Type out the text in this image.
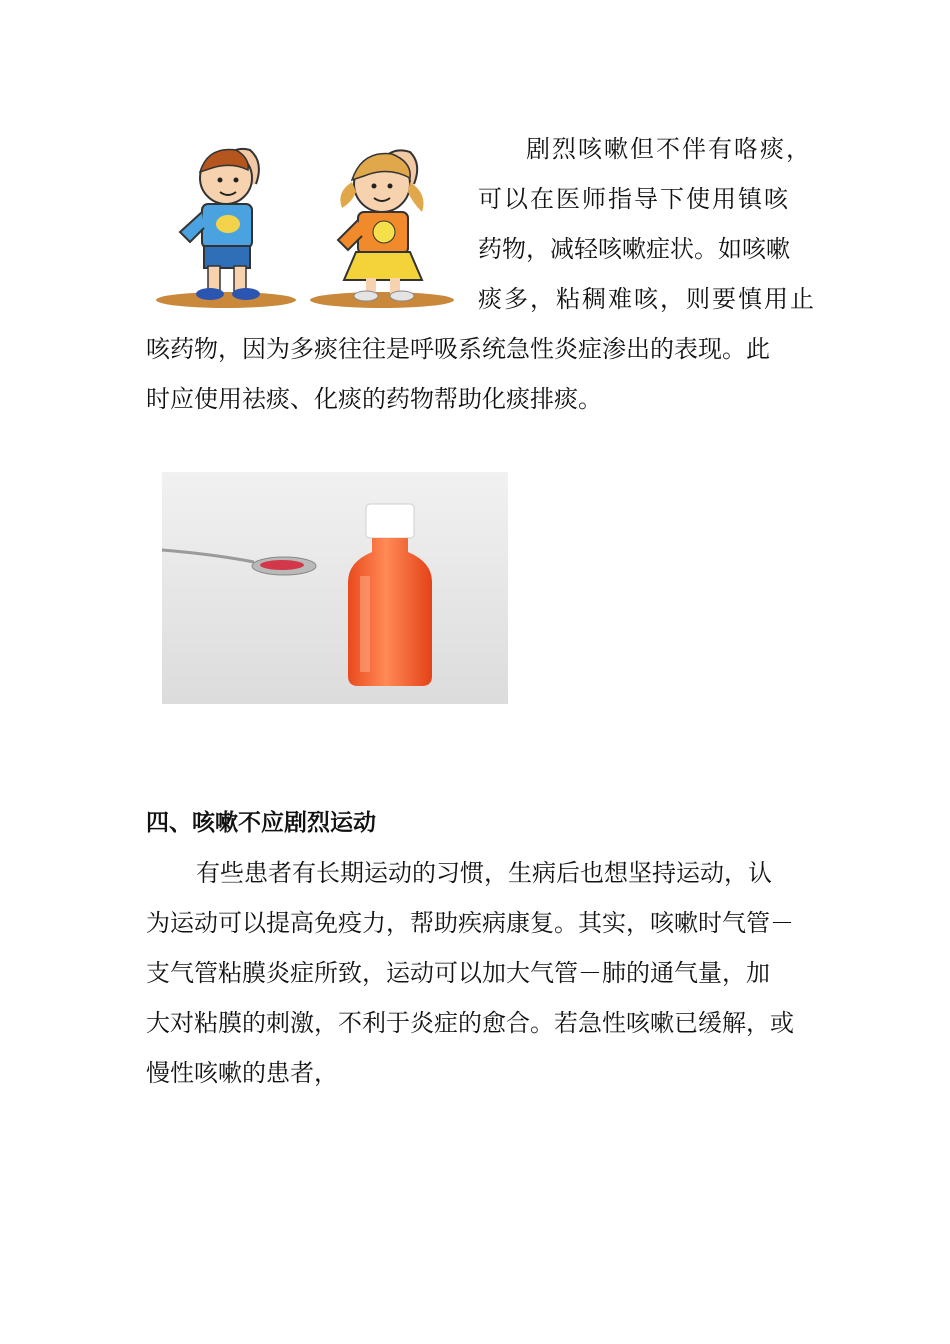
剧烈咳嗽但不伴有咯痰，
可以在医师指导下使用镇咳
药物，减轻咳嗽症状。如咳嗽
痰多，粘稠难咳，则要慎用止
咳药物，因为多痰往往是呼吸系统急性炎症渗出的表现。此
时应使用祛痰、化痰的药物帮助化痰排痰。
四、咳嗽不应剧烈运动
有些患者有长期运动的习惯，生病后也想坚持运动，认
为运动可以提高免疫力，帮助疾病康复。其实，咳嗽时气管－
支气管粘膜炎症所致，运动可以加大气管－肺的通气量，加
大对粘膜的刺激，不利于炎症的愈合。若急性咳嗽已缓解，或
慢性咳嗽的患者，
